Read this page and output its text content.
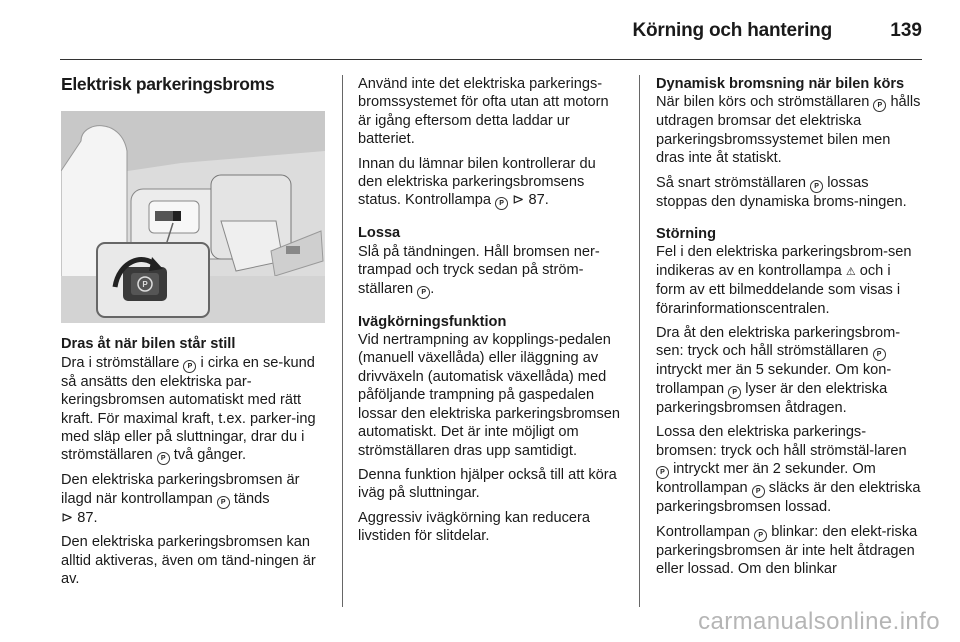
Körning och hantering	139
Elektrisk parkeringsbroms
P
Dras åt när bilen står still

Dra i strömställare P i cirka en se-kund så ansätts den elektriska par-keringsbromsen automatiskt med rätt kraft. För maximal kraft, t.ex. parker-ing med släp eller på sluttningar, drar du i strömställaren P två gånger.

Den elektriska parkeringsbromsen är ilagd när kontrollampan P tänds
⊳ 87.

Den elektriska parkeringsbromsen kan alltid aktiveras, även om tänd-ningen är av.

Använd inte det elektriska parkerings-bromssystemet för ofta utan att motorn är igång eftersom detta laddar ur batteriet.

Innan du lämnar bilen kontrollerar du den elektriska parkeringsbromsens status. Kontrollampa P ⊳ 87.

Lossa

Slå på tändningen. Håll bromsen ner-trampad och tryck sedan på ström-ställaren P .

Ivägkörningsfunktion

Vid nertrampning av kopplings-pedalen (manuell växellåda) eller iläggning av drivväxeln (automatisk växellåda) med påföljande trampning på gaspedalen lossar den elektriska parkeringsbromsen automatiskt. Det är inte möjligt om strömställaren dras upp samtidigt.

Denna funktion hjälper också till att köra iväg på sluttningar.

Aggressiv ivägkörning kan reducera livstiden för slitdelar.

Dynamisk bromsning när bilen körs

När bilen körs och strömställaren P hålls utdragen bromsar det elektriska parkeringsbromssystemet bilen men dras inte åt statiskt.

Så snart strömställaren P lossas stoppas den dynamiska broms-ningen.

Störning

Fel i den elektriska parkeringsbrom-sen indikeras av en kontrollampa ⚠ och i form av ett bilmeddelande som visas i förarinformationscentralen.

Dra åt den elektriska parkeringsbrom-sen: tryck och håll strömställaren P intryckt mer än 5 sekunder. Om kon-trollampan P lyser är den elektriska parkeringsbromsen åtdragen.

Lossa den elektriska parkerings-bromsen: tryck och håll strömstäl-laren P intryckt mer än 2 sekunder. Om kontrollampan P släcks är den elektriska parkeringsbromsen lossad.

Kontrollampan P blinkar: den elekt-riska parkeringsbromsen är inte helt åtdragen eller lossad. Om den blinkar

carmanualsonline.info
